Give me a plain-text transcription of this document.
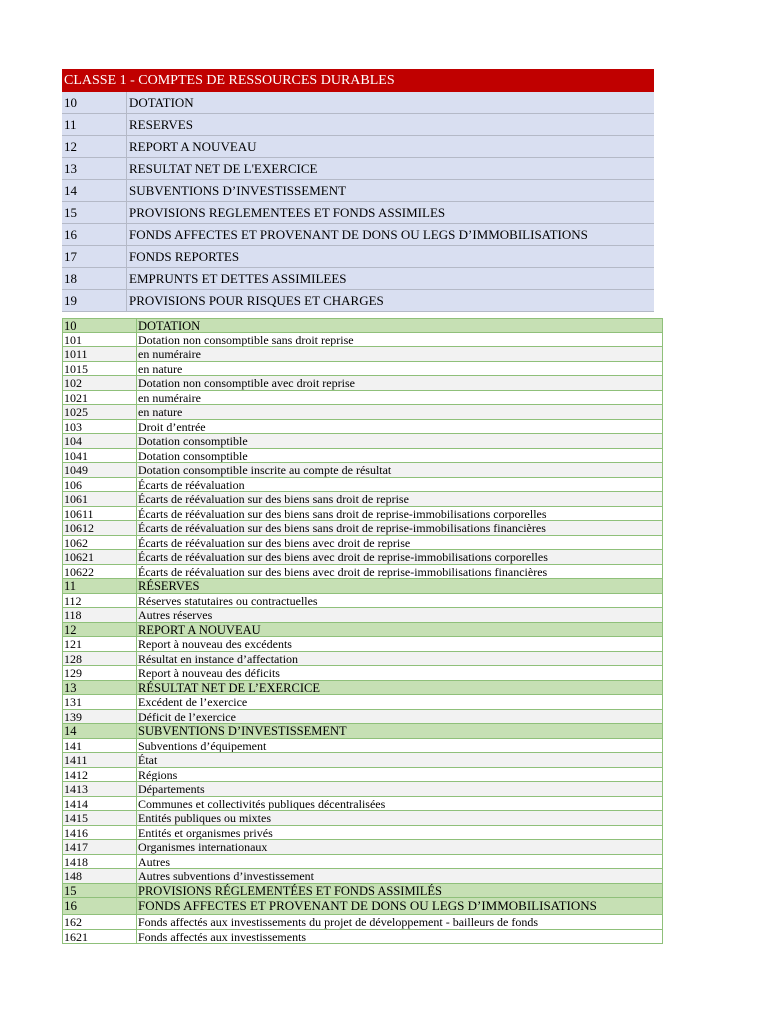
CLASSE 1 - COMPTES DE RESSOURCES DURABLES
10	DOTATION
11	RESERVES
12	REPORT A NOUVEAU
13	RESULTAT NET DE L'EXERCICE
14	SUBVENTIONS D’INVESTISSEMENT
15	PROVISIONS REGLEMENTEES ET FONDS ASSIMILES
16	FONDS AFFECTES ET PROVENANT DE DONS OU LEGS D’IMMOBILISATIONS
17	FONDS REPORTES
18	EMPRUNTS ET DETTES ASSIMILEES
19	PROVISIONS POUR RISQUES ET CHARGES
10	DOTATION
101	Dotation non consomptible sans droit reprise
1011	en numéraire
1015	en nature
102	Dotation non consomptible avec droit reprise
1021	en numéraire
1025	en nature
103	Droit d’entrée
104	Dotation consomptible
1041	Dotation consomptible
1049	Dotation consomptible inscrite au compte de résultat
106	Écarts de réévaluation
1061	Écarts de réévaluation sur des biens sans droit de reprise
10611	Écarts de réévaluation sur des biens sans droit de reprise-immobilisations corporelles
10612	Écarts de réévaluation sur des biens sans droit de reprise-immobilisations financières
1062	Écarts de réévaluation sur des biens avec droit de reprise
10621	Écarts de réévaluation sur des biens avec droit de reprise-immobilisations corporelles
10622	Écarts de réévaluation sur des biens avec droit de reprise-immobilisations financières
11	RÉSERVES
112	Réserves statutaires ou contractuelles
118	Autres réserves
12	REPORT A NOUVEAU
121	Report à nouveau des excédents
128	Résultat en instance d’affectation
129	Report à nouveau des déficits
13	RÉSULTAT NET DE L’EXERCICE
131	Excédent de l’exercice
139	Déficit de l’exercice
14	SUBVENTIONS D’INVESTISSEMENT
141	Subventions d’équipement
1411	État
1412	Régions
1413	Départements
1414	Communes et collectivités publiques décentralisées
1415	Entités publiques ou mixtes
1416	Entités et organismes privés
1417	Organismes internationaux
1418	Autres
148	Autres subventions d’investissement
15	PROVISIONS RÉGLEMENTÉES ET FONDS ASSIMILÉS
16	FONDS AFFECTES ET PROVENANT DE DONS OU LEGS D’IMMOBILISATIONS
162	Fonds affectés aux investissements du projet de développement - bailleurs de fonds
1621	Fonds affectés aux investissements
